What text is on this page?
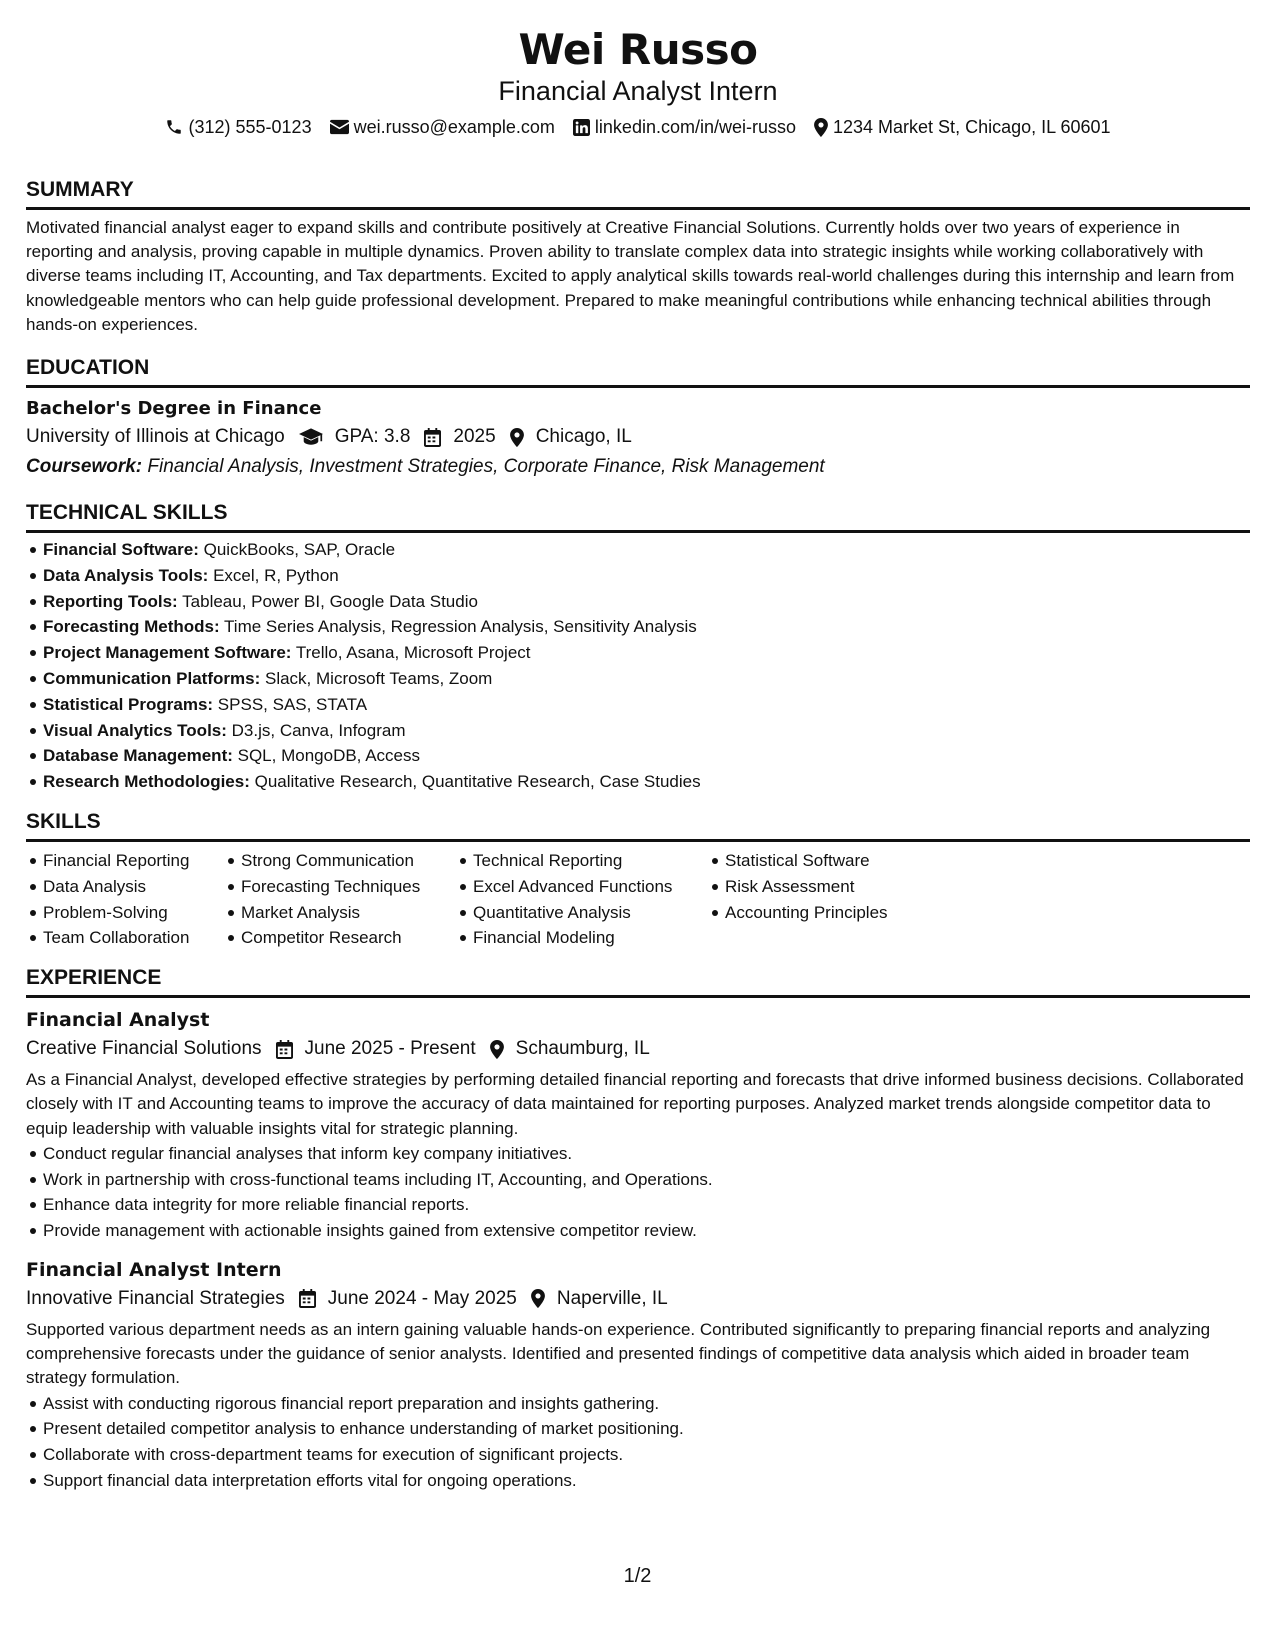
Wei Russo
Financial Analyst Intern
(312) 555-0123 wei.russo@example.com linkedin.com/in/wei-russo 1234 Market St, Chicago, IL 60601
SUMMARY

Motivated financial analyst eager to expand skills and contribute positively at Creative Financial Solutions. Currently holds over two years of experience in reporting and analysis, proving capable in multiple dynamics. Proven ability to translate complex data into strategic insights while working collaboratively with diverse teams including IT, Accounting, and Tax departments. Excited to apply analytical skills towards real-world challenges during this internship and learn from knowledgeable mentors who can help guide professional development. Prepared to make meaningful contributions while enhancing technical abilities through hands-on experiences.

EDUCATION
Bachelor's Degree in Finance
University of Illinois at Chicago	GPA: 3.8 2025 Chicago, IL
Coursework: Financial Analysis, Investment Strategies, Corporate Finance, Risk Management
TECHNICAL SKILLS
Financial Software: QuickBooks, SAP, Oracle
Data Analysis Tools: Excel, R, Python
Reporting Tools: Tableau, Power BI, Google Data Studio
Forecasting Methods: Time Series Analysis, Regression Analysis, Sensitivity Analysis
Project Management Software: Trello, Asana, Microsoft Project
Communication Platforms: Slack, Microsoft Teams, Zoom
Statistical Programs: SPSS, SAS, STATA
Visual Analytics Tools: D3.js, Canva, Infogram
Database Management: SQL, MongoDB, Access
Research Methodologies: Qualitative Research, Quantitative Research, Case Studies
SKILLS
Financial Reporting
Data Analysis
Problem-Solving
Team Collaboration
Strong Communication
Forecasting Techniques
Market Analysis
Competitor Research
Technical Reporting
Excel Advanced Functions
Quantitative Analysis
Financial Modeling
Statistical Software
Risk Assessment
Accounting Principles
EXPERIENCE
Financial Analyst
Creative Financial Solutions June 2025 - Present Schaumburg, IL

As a Financial Analyst, developed effective strategies by performing detailed financial reporting and forecasts that drive informed business decisions. Collaborated closely with IT and Accounting teams to improve the accuracy of data maintained for reporting purposes. Analyzed market trends alongside competitor data to equip leadership with valuable insights vital for strategic planning.

Conduct regular financial analyses that inform key company initiatives.
Work in partnership with cross-functional teams including IT, Accounting, and Operations.
Enhance data integrity for more reliable financial reports.
Provide management with actionable insights gained from extensive competitor review.
Financial Analyst Intern
Innovative Financial Strategies June 2024 - May 2025 Naperville, IL

Supported various department needs as an intern gaining valuable hands-on experience. Contributed significantly to preparing financial reports and analyzing comprehensive forecasts under the guidance of senior analysts. Identified and presented findings of competitive data analysis which aided in broader team strategy formulation.

Assist with conducting rigorous financial report preparation and insights gathering.
Present detailed competitor analysis to enhance understanding of market positioning.
Collaborate with cross-department teams for execution of significant projects.
Support financial data interpretation efforts vital for ongoing operations.
1/2
